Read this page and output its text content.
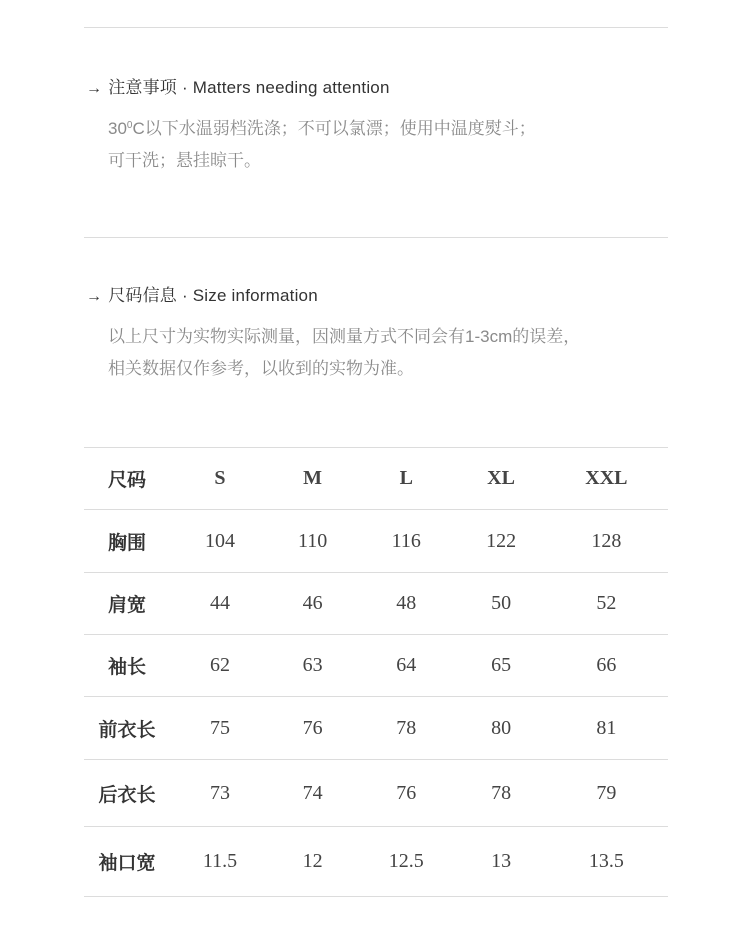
→ 注意事项 · Matters needing attention
$30^0C$以下水温弱档洗涤；不可以氯漂；使用中温度熨斗；
可干洗；悬挂晾干。
→ 尺码信息 · Size information
以上尺寸为实物实际测量，因测量方式不同会有1-3cm的误差，
相关数据仅作参考，以收到的实物为准。
尺码	S	M	L	XL	XXL
胸围	104	110	116	122	128
肩宽	44	46	48	50	52
袖长	62	63	64	65	66
前衣长	75	76	78	80	81
后衣长	73	74	76	78	79
袖口宽	11.5	12	12.5	13	13.5
